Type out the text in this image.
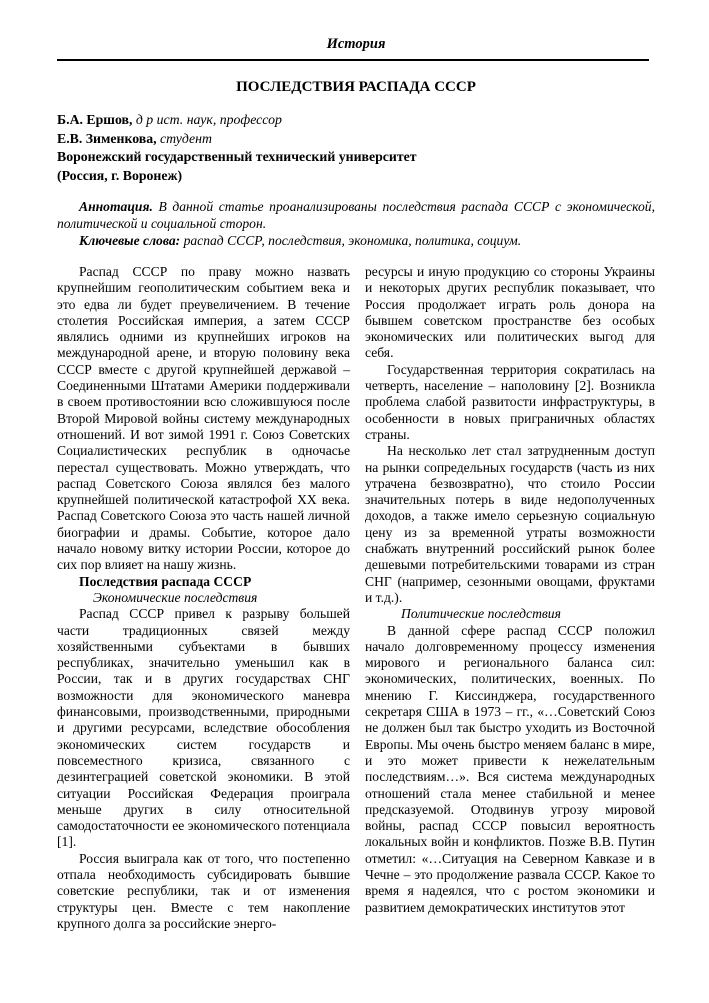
История
ПОСЛЕДСТВИЯ РАСПАДА СССР

Б.А. Ершов, д р ист. наук, профессор

Е.В. Зименкова, студент

Воронежский государственный технический университет

(Россия, г. Воронеж)

Аннотация. В данной статье проанализированы последствия распада СССР с экономической, политической и социальной сторон.

Ключевые слова: распад СССР, последствия, экономика, политика, социум.

Распад СССР по праву можно назвать крупнейшим геополитическим событием века и это едва ли будет преувеличением. В течение столетия Российская империя, а затем СССР являлись одними из крупнейших игроков на международной арене, и вторую половину века СССР вместе с другой крупнейшей державой – Соединенными Штатами Америки поддерживали в своем противостоянии всю сложившуюся после Второй Мировой войны систему международных отношений. И вот зимой 1991 г. Союз Советских Социалистических республик в одночасье перестал существовать. Можно утверждать, что распад Советского Союза являлся без малого крупнейшей политической катастрофой XX века. Распад Советского Союза это часть нашей личной биографии и драмы. Событие, которое дало начало новому витку истории России, которое до сих пор влияет на нашу жизнь.

Последствия распада СССР

Экономические последствия

Распад СССР привел к разрыву большей части традиционных связей между хозяйственными субъектами в бывших республиках, значительно уменьшил как в России, так и в других государствах СНГ возможности для экономического маневра финансовыми, производственными, природными и другими ресурсами, вследствие обособления экономических систем государств и повсеместного кризиса, связанного с дезинтеграцией советской экономики. В этой ситуации Российская Федерация проиграла меньше других в силу относительной самодостаточности ее экономического потенциала [1].

Россия выиграла как от того, что постепенно отпала необходимость субсидировать бывшие советские республики, так и от изменения структуры цен. Вместе с тем накопление крупного долга за российские энерго-

ресурсы и иную продукцию со стороны Украины и некоторых других республик показывает, что Россия продолжает играть роль донора на бывшем советском пространстве без особых экономических или политических выгод для себя.

Государственная территория сократилась на четверть, население – наполовину [2]. Возникла проблема слабой развитости инфраструктуры, в особенности в новых приграничных областях страны.

На несколько лет стал затрудненным доступ на рынки сопредельных государств (часть из них утрачена безвозвратно), что стоило России значительных потерь в виде недополученных доходов, а также имело серьезную социальную цену из за временной утраты возможности снабжать внутренний российский рынок более дешевыми потребительскими товарами из стран СНГ (например, сезонными овощами, фруктами и т.д.).

Политические последствия

В данной сфере распад СССР положил начало долговременному процессу изменения мирового и регионального баланса сил: экономических, политических, военных. По мнению Г. Киссинджера, государственного секретаря США в 1973 – гг., «…Советский Союз не должен был так быстро уходить из Восточной Европы. Мы очень быстро меняем баланс в мире, и это может привести к нежелательным последствиям…». Вся система международных отношений стала менее стабильной и менее предсказуемой. Отодвинув угрозу мировой войны, распад СССР повысил вероятность локальных войн и конфликтов. Позже В.В. Путин отметил: «…Ситуация на Северном Кавказе и в Чечне – это продолжение развала СССР. Какое то время я надеялся, что с ростом экономики и развитием демократических институтов этот
